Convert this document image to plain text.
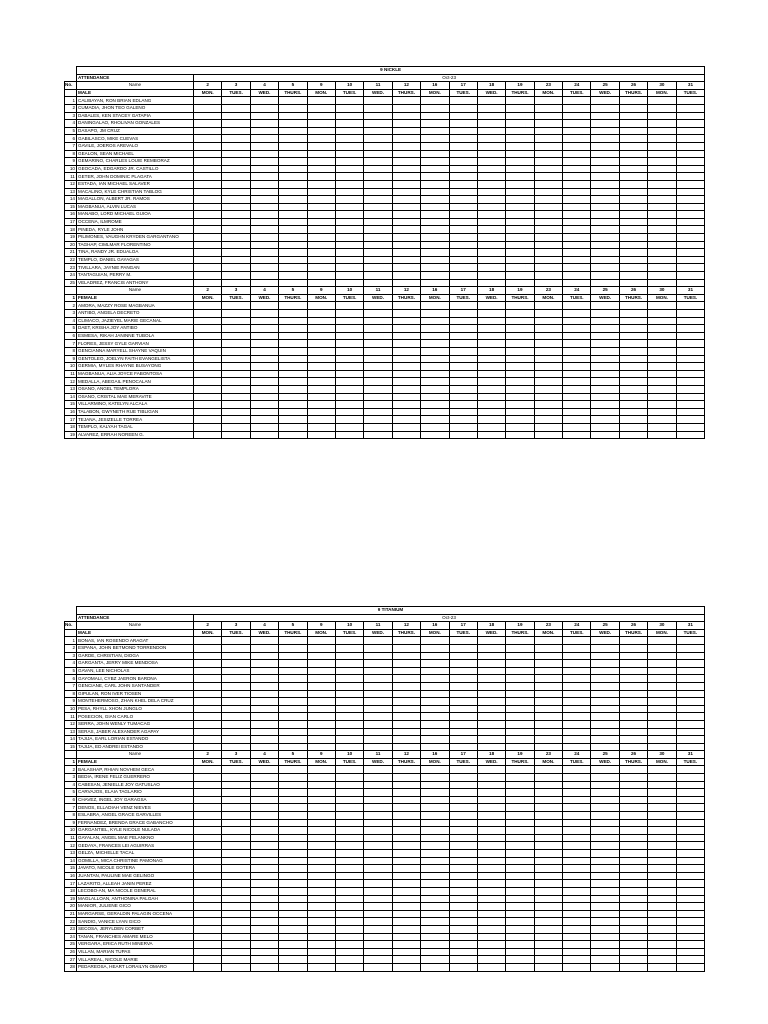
	9 NICKLE																		
	ATTENDANCE	Oct-23																	
No.	Name	2	3	4	5	9	10	11	12	16	17	18	19	23	24	25	26	30	31
	MALE	MON.	TUES.	WED.	THURS.	MON.	TUES.	WED.	THURS.	MON.	TUES.	WED.	THURS.	MON.	TUES.	WED.	THURS.	MON.	TUES.
1	CALIBAYAN, RON BRIAN EDLANG																		
2	CUMADIA, JHON TEO GALENO																		
3	DABALES, KEN STACEY GATAPIA																		
4	DANINGALAO, RHOLIVAN GONZALES																		
5	DASAPO, JM CRUZ																		
6	GABILASCO, MIKE CUEVAS																		
7	GAVILE, JOEROS AREVALO																		
8	GEALON, SEAN MICHAEL																		
9	GEMARINO, CHARLES LOUIE REMBORAZ																		
10	GEOCADA, EDGARDO JR. CASTILLO																		
11	GETER, JOHN DOMINIC PLAGATA																		
12	ESTADA, IAN MICHAEL SALAVER																		
13	MACALINO, KYLE CHRISTIAN TABLOG																		
14	MAGALLON, ALBERT JR. RAMOS																		
15	MAGBANUA, ALVIN LUCAS																		
16	MANABO, LORD MICHAEL GUIOA																		
17	OCCENA, ILMROME																		
18	PINEDA, RYLE JOHN																		
19	PILIMONES, VAUGHN KRYDEN GARGANTANO																		
20	TAGHAP, CIMLMAR FLORENTINO																		
21	TINA, RANDY JR. EDUALOA																		
22	TEMPLO, DANIEL GAYAGAS																		
23	TIVILLARA, JAYNIE PANGAN																		
24	TANTAGUIAN, PERRY M.																		
25	VELADREZ, FRANCIS ANTHONY																		
	Name	2	3	4	5	9	10	11	12	16	17	18	19	23	24	25	26	30	31
1	FEMALE	MON.	TUES.	WED.	THURS.	MON.	TUES.	WED.	THURS.	MON.	TUES.	WED.	THURS.	MON.	TUES.	WED.	THURS.	MON.	TUES.
2	AMORA, MAZZY ROSE MAGBANUA																		
3	ANTIBO, ANGELA DECRETO																		
4	CLIMACO, JAZIEYEL MARIE GECANAL																		
5	DAET, KRISHA JOY ANTIBO																		
6	ESMESA, RIKAH JANINNE TUBOLA																		
7	FLORES, JESSY GYLE GARVIAN																		
8	GENCIANNA MARYELL SHAYNE VAQUIN																		
9	GENTOLEO, JOELYN FAITH EVANGELISTA																		
10	GERMIA, MYLES RHAYNE BUSAYONG																		
11	MAGBANUA, ALIA JOYCE FABONTOSA																		
12	MEDALLA, ABEGAIL PENOCALAN																		
13	OSANO, ANGEL TEMPLORA																		
14	OSANO, CRISTAL MAE MERAVITE																		
15	VILLARMINO, KATELYN ALCALA																		
16	TALABON, GWYNETH RUE TIBLIGAN																		
17	TEJANA, JESIZELLE TORREA																		
18	TEMPLO, KALYAH TAGAL																		
19	ALVAREZ, ERRAH NOREEN G.																		
	9 TITANIUM																		
	ATTENDANCE	Oct-23																	
No.	Name	2	3	4	5	9	10	11	12	16	17	18	19	23	24	25	26	30	31
	MALE	MON.	TUES.	WED.	THURS.	MON.	TUES.	WED.	THURS.	MON.	TUES.	WED.	THURS.	MON.	TUES.	WED.	THURS.	MON.	TUES.
1	BONAS, IAN ROSENDO ARAGAT																		
2	ESPANA, JOHN BETMOND TORRENDON																		
3	GARDE, CHRISTIAN, DIOGA																		
4	GARGANTA, JERRY MIKE MENDOSA																		
5	GAVAN, LEE NICHOLAS																		
6	GAYOMALI, CYBZ JAERON BARDNA																		
7	GENCIANE, CARL JOHN SANTANDER																		
8	GIPULAN, RON IVER TIOSEN																		
9	MONTEHERMOSO, ZHAN KHEL DELA CRUZ																		
10	PESA, RHYLL XHON JUNGLO																		
11	POSECION, GIAN CARLO																		
12	SERRA, JOHN WENLY TUMACAG																		
13	SERAS, JABER ALEXANDER AGAPAY																		
14	TAJIJA, EARL LORIAN ESTANDO																		
15	TAJIJA, ED ANDREI ESTANDO																		
	Name	2	3	4	5	9	10	11	12	16	17	18	19	23	24	25	26	30	31
1	FEMALE	MON.	TUES.	WED.	THURS.	MON.	TUES.	WED.	THURS.	MON.	TUES.	WED.	THURS.	MON.	TUES.	WED.	THURS.	MON.	TUES.
2	BALASHAP, RHIAN NOVHEM GECA																		
3	BEDIA, IRENE FELIZ GUERRERO																		
4	CABESAN, JENIELLE JOY GATUSLAO																		
5	CARVAJOS, ELAIA TAGLARIO																		
6	CHAVEZ, INGEL JOY GARAGSA																		
7	DENOS, ELLADIAH VENZ NIEVES																		
8	ESLABRA, ANGEL GRACE GARVILLES																		
9	FERNANDEZ, BRENDA GRACE GABANCHO																		
10	GARGANTIEL, KYLE NICOLE NULADA																		
11	GAYALAN, ANGEL MAE FELANKNO																		
12	GEDAYA, FRANCES LEI AGUIRRAS																		
13	GELZA, MICHELLE TACAL																		
14	GOMILLA, MICA CHRISTINE PAMONAG																		
15	JAVATO, NICOLE GOTERA																		
16	JUANTAN, PAULINE MAE GELINGO																		
17	LAZARITO, ALLEAH JANIN PEREZ																		
18	LECOBO-AN, MA NICOLE GENERAL																		
19	MAGLALLOAN, ANTHONINA PALGAH																		
20	MANIOR, JULIENE GICO																		
21	MARGARSE, GERALDIN PALAGIN OCCENA																		
22	SANDIG, VANICE LYAN GICO																		
23	SECOSA, JERYLDEN CORBET																		
24	TANAN, FRANCHES AMARE MELO																		
25	VERGARA, ERICA RUTH MINERVA																		
26	VILLAN, MARIAN TUPAS																		
27	VILLAREAL, NICOLE MARIE																		
28	PEDAREOSA, HEART LORAILYN OMARO																		
